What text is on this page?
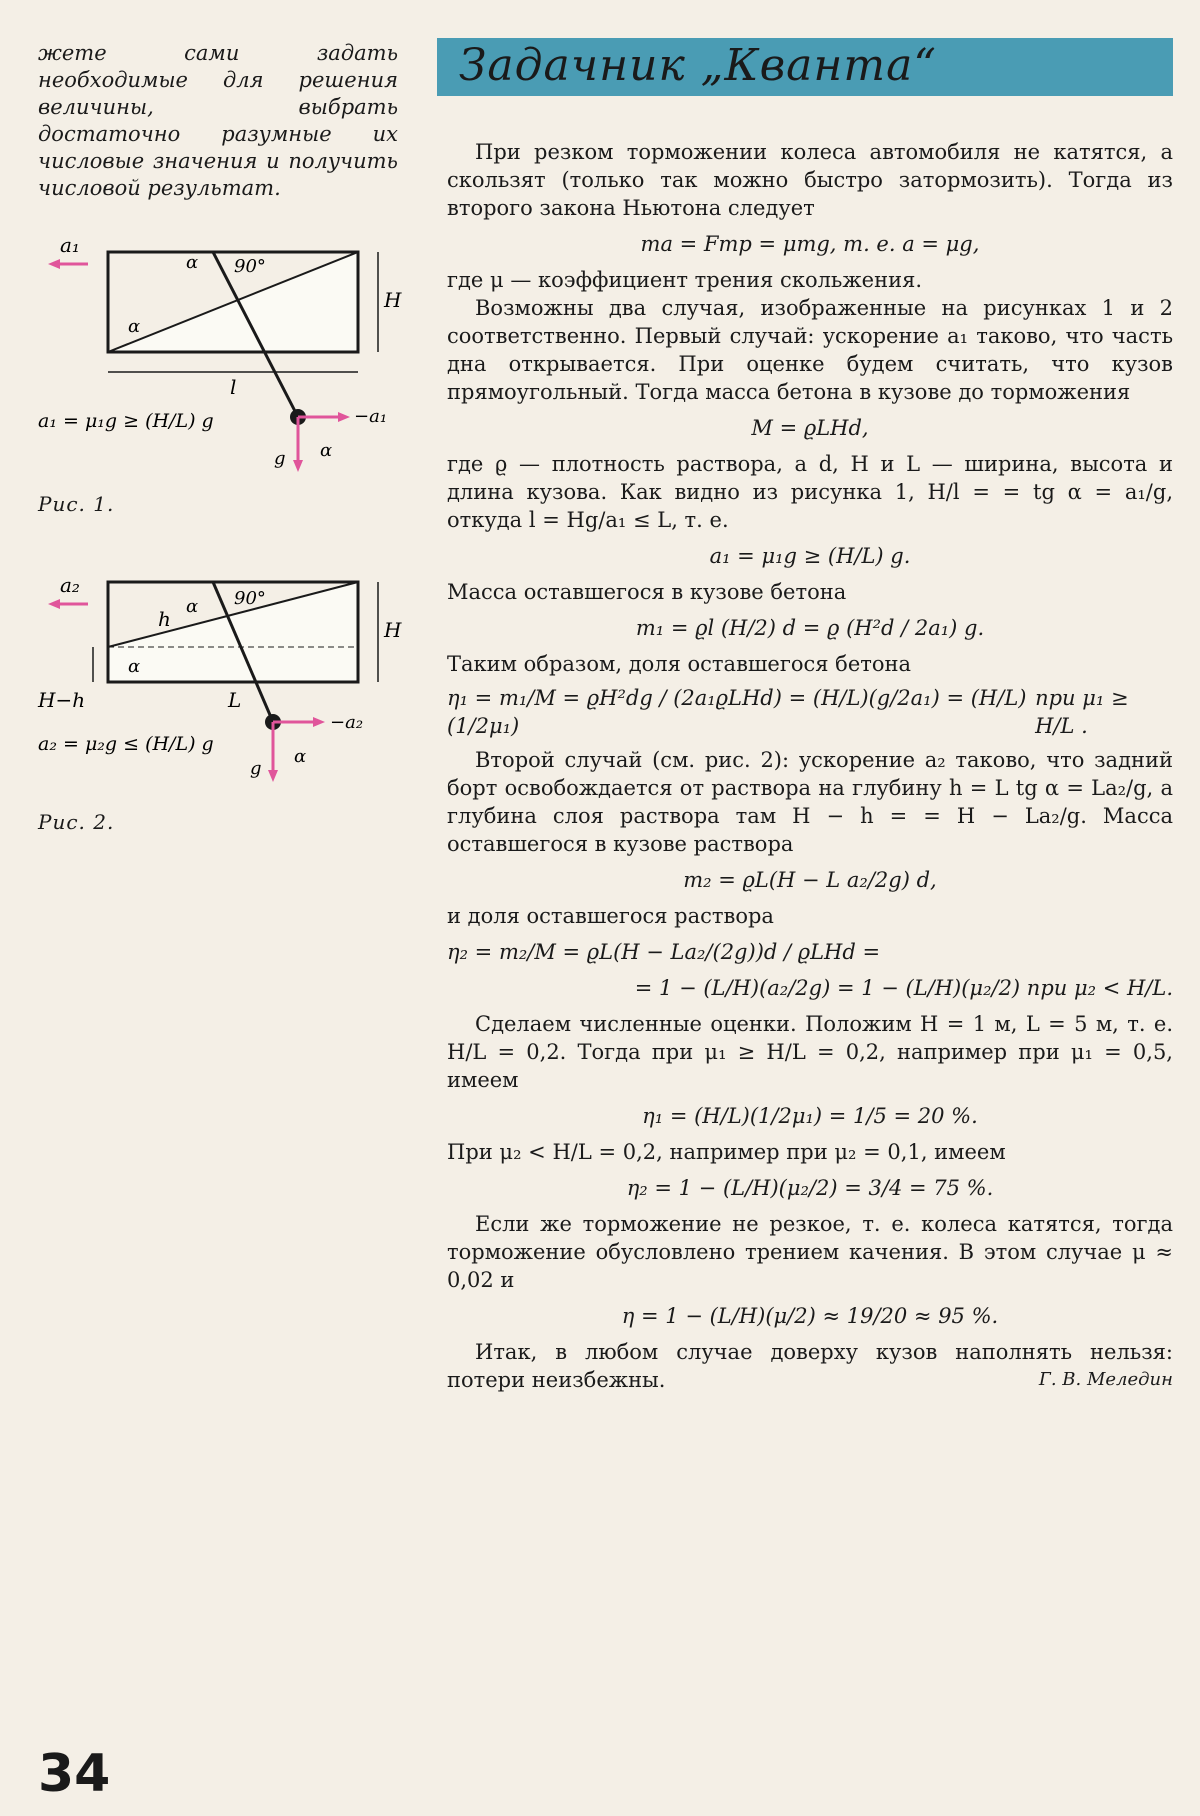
жете сами задать необходимые для решения величины, выбрать достаточно разумные их числовые значения и получить числовой результат.

a₁
α 90°
α
H
l
−a₁
g α
a₁ = μ₁g ≥ (H/L) g

Рис. 1.

a₂
h
α 90°
α
H
H−h	L
−a₂
g
α
a₂ = μ₂g ≤ (H/L) g

Рис. 2.

34
Задачник „Кванта“

При резком торможении колеса автомобиля не катятся, а скользят (только так можно быстро затормозить). Тогда из второго закона Ньютона следует

ma = Fтр = μmg, т. е. a = μg,

где μ — коэффициент трения скольжения.

Возможны два случая, изображенные на рисунках 1 и 2 соответственно. Первый случай: ускорение a₁ таково, что часть дна открывается. При оценке будем считать, что кузов прямоугольный. Тогда масса бетона в кузове до торможения

M = ϱLHd,

где ϱ — плотность раствора, а d, H и L — ширина, высота и длина кузова. Как видно из рисунка 1, H/l = = tg α = a₁/g, откуда l = Hg/a₁ ≤ L, т. е.

a₁ = μ₁g ≥ (H/L) g.

Масса оставшегося в кузове бетона

m₁ = ϱl (H/2) d = ϱ (H²d / 2a₁) g.

Таким образом, доля оставшегося бетона

η₁ = m₁/M = ϱH²dg / (2a₁ϱLHd) = (H/L)(g/2a₁) = (H/L)(1/2μ₁)
при μ₁ ≥ H/L .

Второй случай (см. рис. 2): ускорение a₂ таково, что задний борт освобождается от раствора на глубину h = L tg α = La₂/g, а глубина слоя раствора там H − h = = H − La₂/g. Масса оставшегося в кузове раствора

m₂ = ϱL(H − L a₂/2g) d,

и доля оставшегося раствора

η₂ = m₂/M = ϱL(H − La₂/(2g))d / ϱLHd =
= 1 − (L/H)(a₂/2g) = 1 − (L/H)(μ₂/2) при μ₂ < H/L.

Сделаем численные оценки. Положим H = 1 м, L = 5 м, т. е. H/L = 0,2. Тогда при μ₁ ≥ H/L = 0,2, например при μ₁ = 0,5, имеем

η₁ = (H/L)(1/2μ₁) = 1/5 = 20 %.

При μ₂ < H/L = 0,2, например при μ₂ = 0,1, имеем

η₂ = 1 − (L/H)(μ₂/2) = 3/4 = 75 %.

Если же торможение не резкое, т. е. колеса катятся, тогда торможение обусловлено трением качения. В этом случае μ ≈ 0,02 и

η = 1 − (L/H)(μ/2) ≈ 19/20 ≈ 95 %.

Итак, в любом случае доверху кузов наполнять нельзя: потери неизбежны.	Г. В. Меледин
